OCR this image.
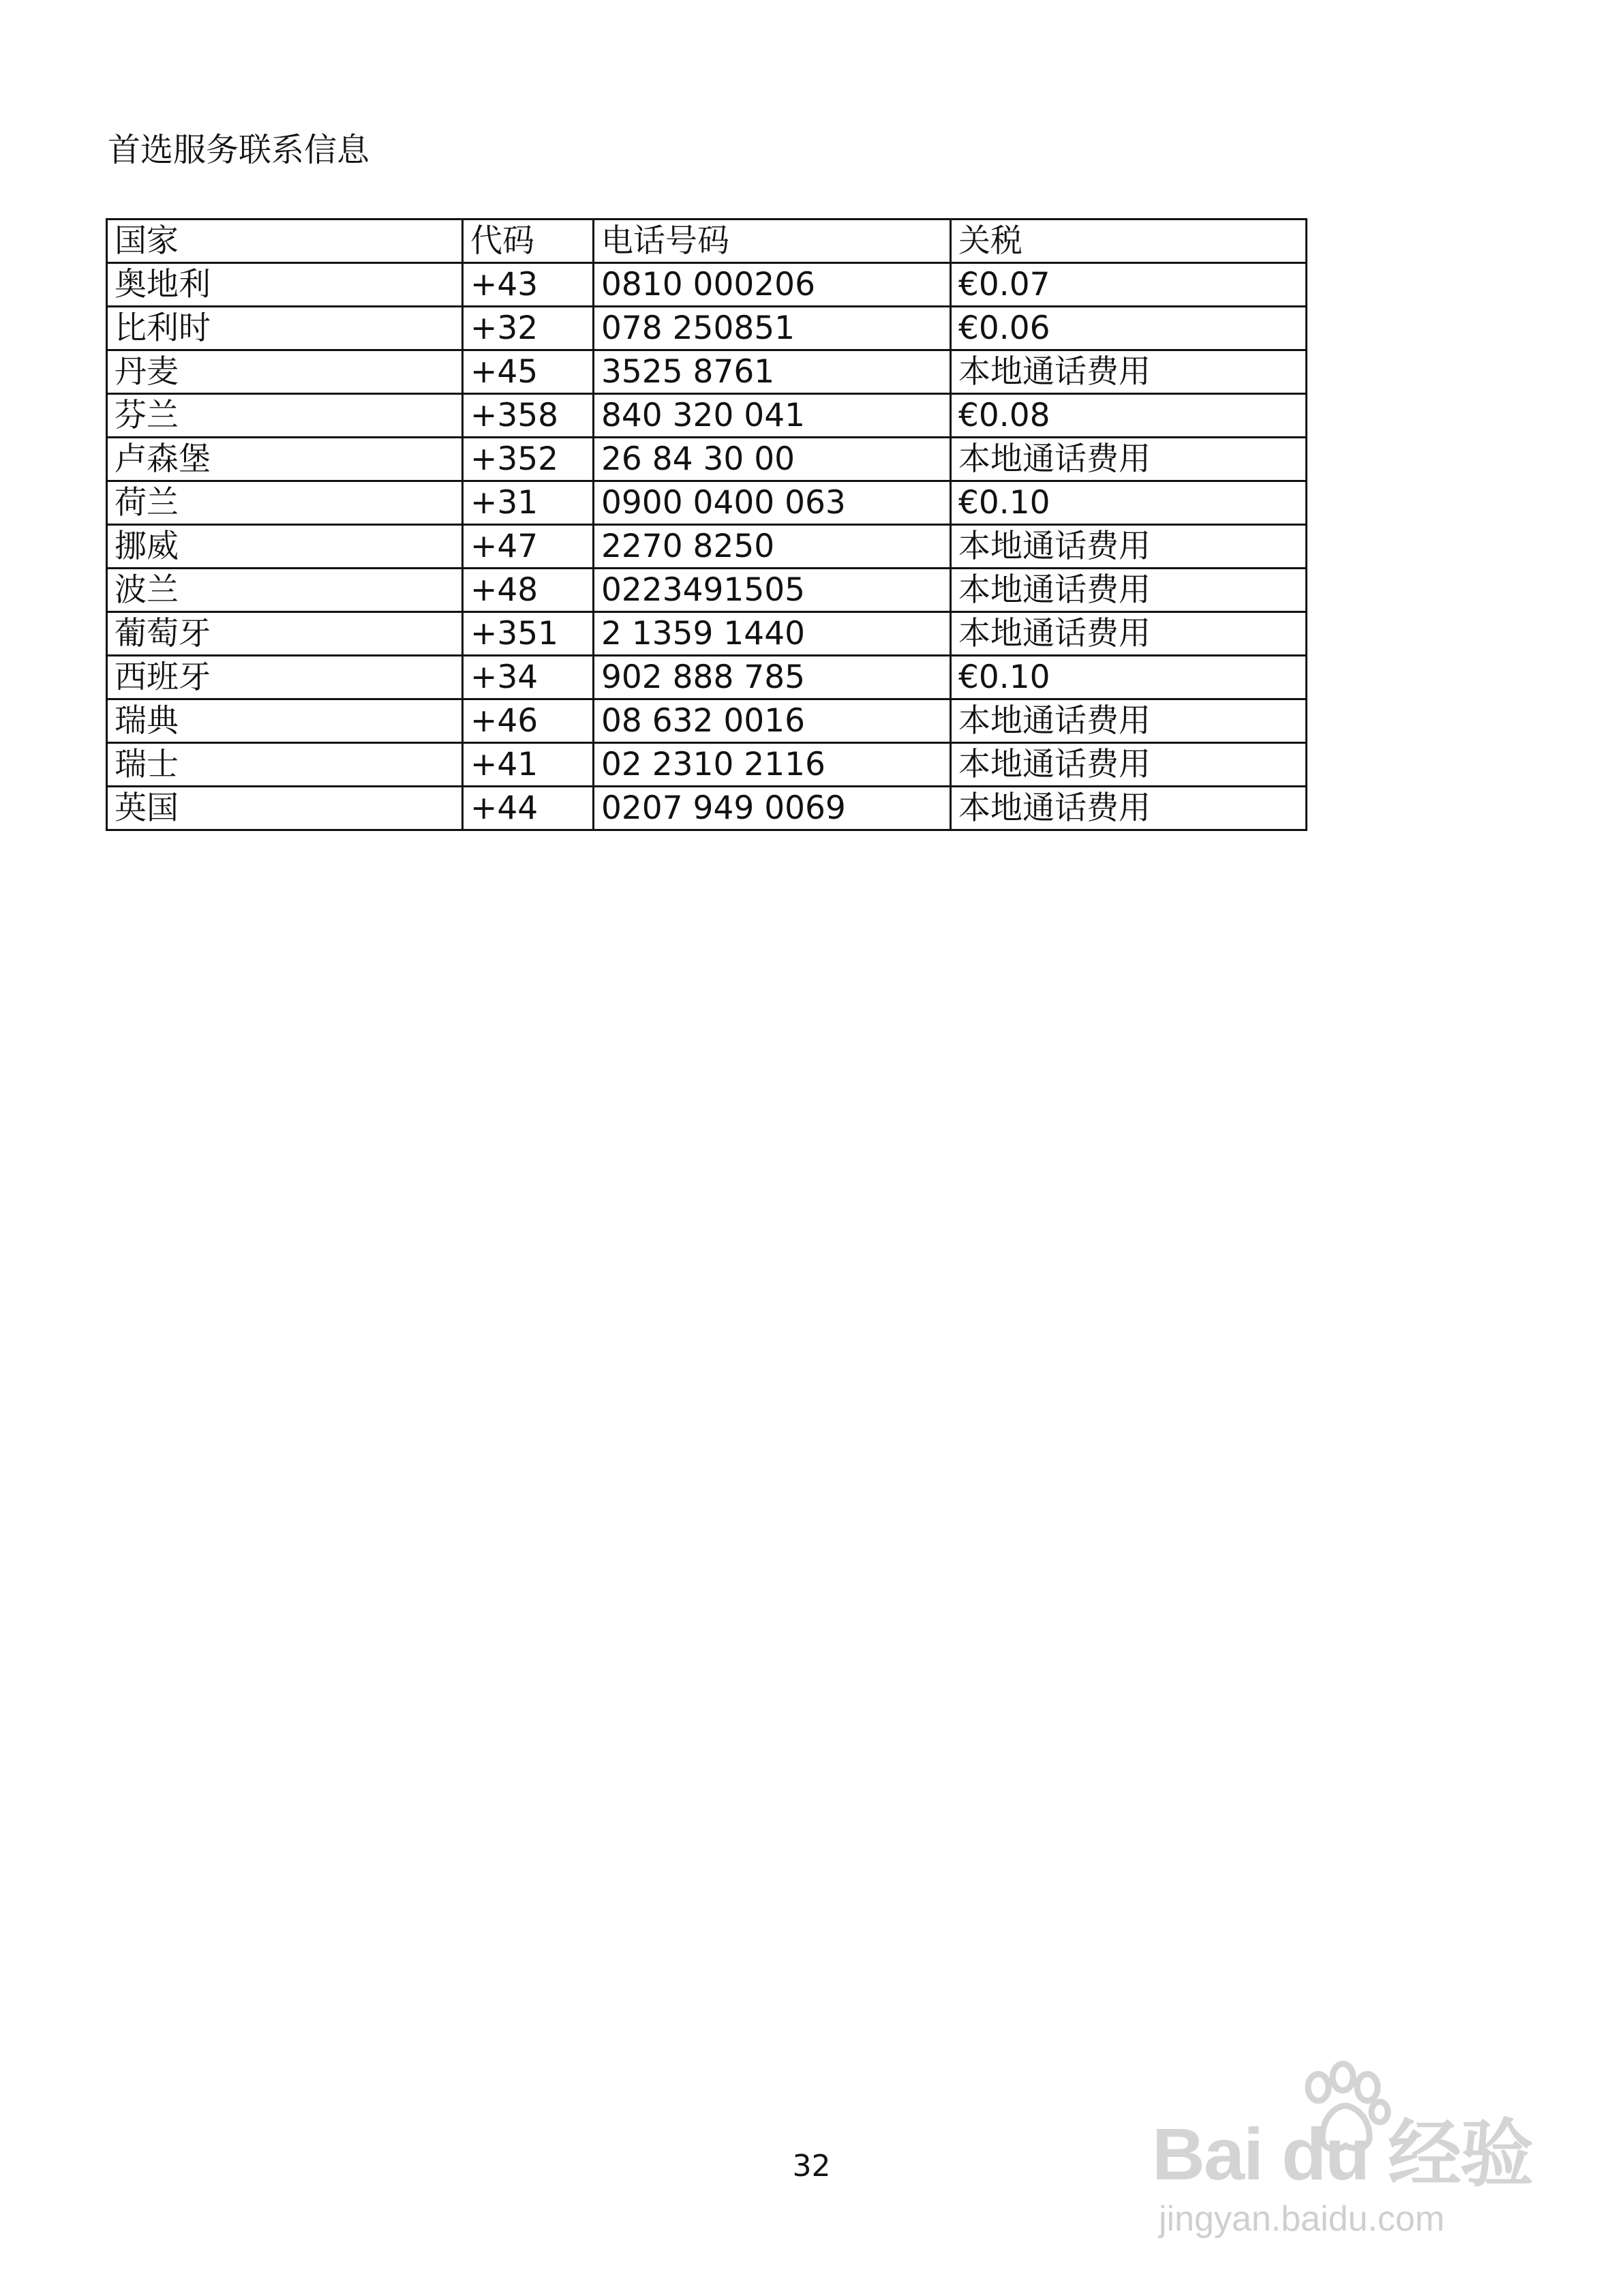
首选服务联系信息
国家	代码	电话号码	关税
奥地利	+43	0810 000206	€0.07
比利时	+32	078 250851	€0.06
丹麦	+45	3525 8761	本地通话费用
芬兰	+358	840 320 041	€0.08
卢森堡	+352	26 84 30 00	本地通话费用
荷兰	+31	0900 0400 063	€0.10
挪威	+47	2270 8250	本地通话费用
波兰	+48	0223491505	本地通话费用
葡萄牙	+351	2 1359 1440	本地通话费用
西班牙	+34	902 888 785	€0.10
瑞典	+46	08 632 0016	本地通话费用
瑞士	+41	02 2310 2116	本地通话费用
英国	+44	0207 949 0069	本地通话费用
32	Bai du 经验
jingyan.baidu.com
